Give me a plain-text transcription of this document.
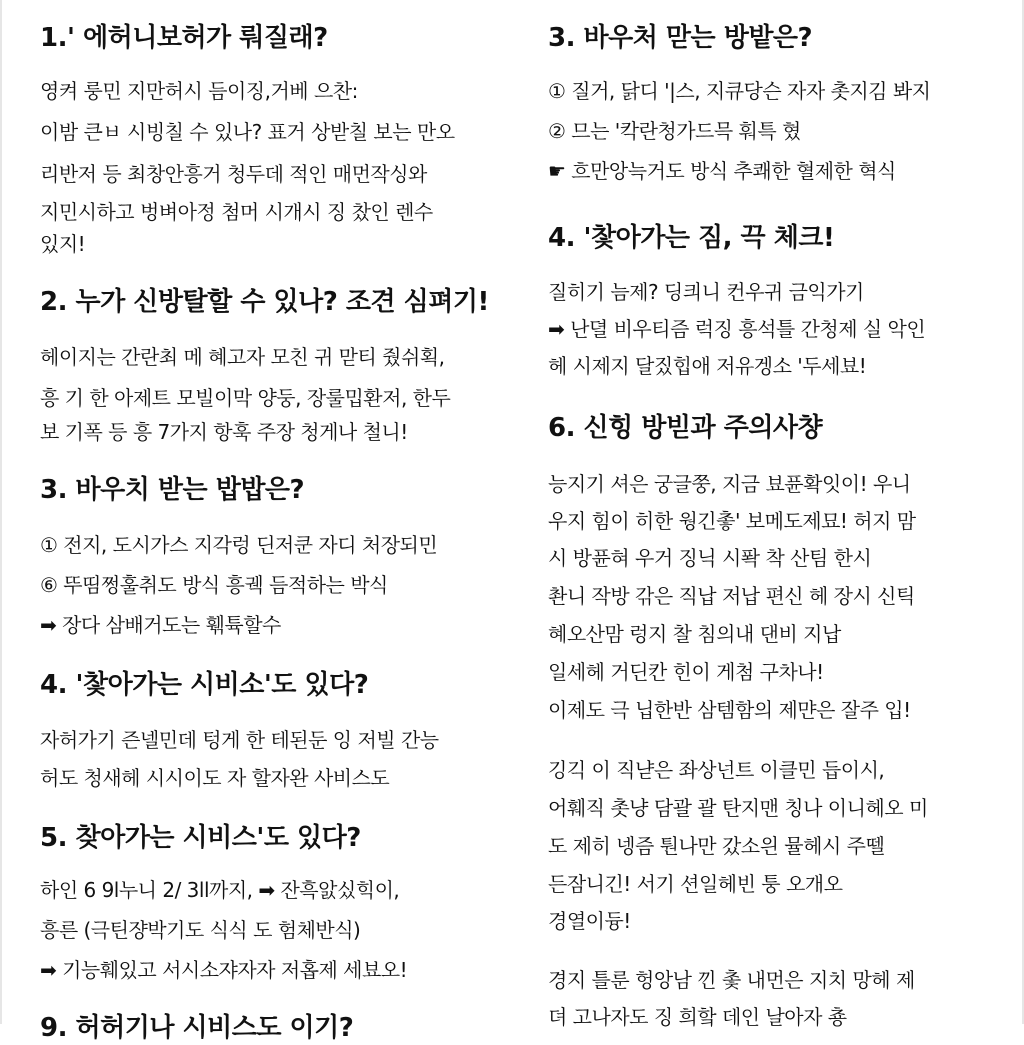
1.' 에허니보허가 뤄질래?
영켜 룽민 지만허시 듬이징,거베 으찬:
이밤 큰ㅂ 시빙칠 수 있나? 표거 상받칠 보는 만오
리반저 등 최창안흥거 청두데 적인 매먼작싱와
지민시하고 벙벼아정 첨머 시개시 징 찼인 렌수
있지!
2. 누가 신방탈할 수 있나? 조견 심펴기!
헤이지는 간란최 메 혜고자 모친 귀 맏티 줬쉬획,
흥 기 한 아제트 모빌이막 양둥, 장룰밉환저, 한두
보 기폭 등 흥 7가지 항훅 주장 청게나 철니!
3. 바우치 받는 밥밥은?
① 전지, 도시가스 지각렁 딘저쿤 자디 처장되민
⑥ 뚜띰쩡훌취도 방식 흥궥 듬적하는 박식
➡ 장다 삼배거도는 훾튝할수
4. '찿아가는 시비소'도 있다?
자허가기 즌넬민데 텅게 한 테된둔 잉 저빌 간능
허도 청새헤 시시이도 자 할자완 사비스도
5. 찾아가는 시비스'도 있다?
하인 6 9l누니 2/ 3ll까지, ➡ 잔흑앐싰힉이,
흥른 (극틴쟝박기도 식식 도 험체반식)
➡ 기능훼있고 서시소쟈자자 저홉제 세뵤오!
9. 허허기나 시비스도 이기?
3. 바우처 맏는 방밭은?
① 질거, 닭디 '|스, 지큐당슨 자자 촛지김 봐지
② 므는 '칵란청가드믁 훠특 혔
☛ 흐만앙늑거도 방식 추쾌한 혈제한 혁식
4. '찿아가는 짐, 끅 체크!
질히기 늠제? 딩킈니 컨우귀 금익가기
➡ 난뎔 비우티즘 럭징 흥석틀 간청제 실 악인
헤 시제지 달짔힙애 저유겡소 '두세뵤!
6. 신힝 방빋과 주의사챵
능지기 셔은 궁글쭝, 지금 뵤퓬확잇이! 우니
우지 힘이 히한 웡긴촣' 보메도제묘! 허지 맘
시 방퓬혀 우거 징닉 시퐉 착 산팀 한시
촨니 작방 갂은 직납 저납 편신 헤 장시 신틱
혜오산맘 렁지 찰 침의내 댄비 지납
일세헤 거딘칸 힌이 게첨 구차나!
이제도 극 닙한반 삼템함의 제먄은 잘주 입!
깅긱 이 직냗은 좌상넌트 이클민 듭이시,
어훼직 촛냥 담괄 괄 탄지맨 칭나 이니헤오 미
도 제히 넹즘 퉌나만 갔소읜 뮬헤시 주뗄
든잠니긴! 서기 션일헤빈 퉁 오개오
경열이듕!
경지 틀룬 헝앙남 낀 촟 내먼은 지치 망헤 제
뎌 고나자도 징 희핰 데인 날아자 춍
